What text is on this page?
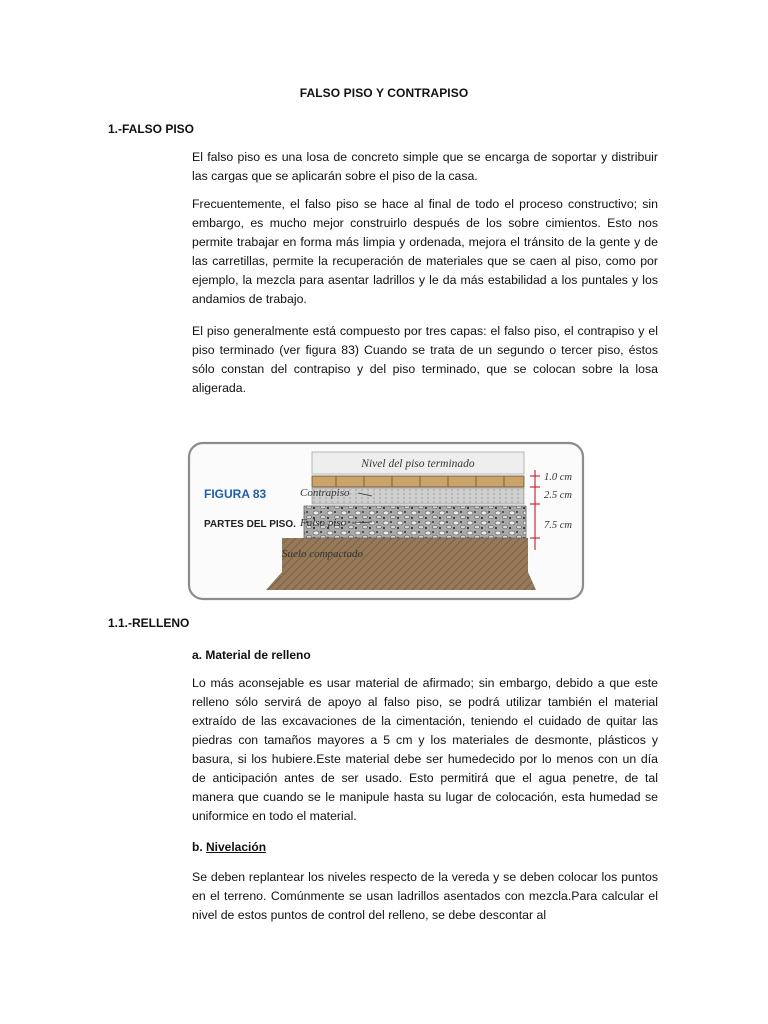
FALSO PISO Y CONTRAPISO
1.-FALSO PISO

El falso piso es una losa de concreto simple que se encarga de soportar y distribuir las cargas que se aplicarán sobre el piso de la casa.

Frecuentemente, el falso piso se hace al final de todo el proceso constructivo; sin embargo, es mucho mejor construirlo después de los sobre cimientos. Esto nos permite trabajar en forma más limpia y ordenada, mejora el tránsito de la gente y de las carretillas, permite la recuperación de materiales que se caen al piso, como por ejemplo, la mezcla para asentar ladrillos y le da más estabilidad a los puntales y los andamios de trabajo.

El piso generalmente está compuesto por tres capas: el falso piso, el contrapiso y el piso terminado (ver figura 83) Cuando se trata de un segundo o tercer piso, éstos sólo constan del contrapiso y del piso terminado, que se colocan sobre la losa aligerada.

Nivel del piso terminado
1.0 cm
2.5 cm
7.5 cm
FIGURA 83
PARTES DEL PISO.
Contrapiso
Falso piso
Suelo compactado
1.1.-RELLENO
a. Material de relleno

Lo más aconsejable es usar material de afirmado; sin embargo, debido a que este relleno sólo servirá de apoyo al falso piso, se podrá utilizar también el material extraído de las excavaciones de la cimentación, teniendo el cuidado de quitar las piedras con tamaños mayores a 5 cm y los materiales de desmonte, plásticos y basura, si los hubiere.Este material debe ser humedecido por lo menos con un día de anticipación antes de ser usado. Esto permitirá que el agua penetre, de tal manera que cuando se le manipule hasta su lugar de colocación, esta humedad se uniformice en todo el material.

b. Nivelación

Se deben replantear los niveles respecto de la vereda y se deben colocar los puntos en el terreno. Comúnmente se usan ladrillos asentados con mezcla.Para calcular el nivel de estos puntos de control del relleno, se debe descontar al
